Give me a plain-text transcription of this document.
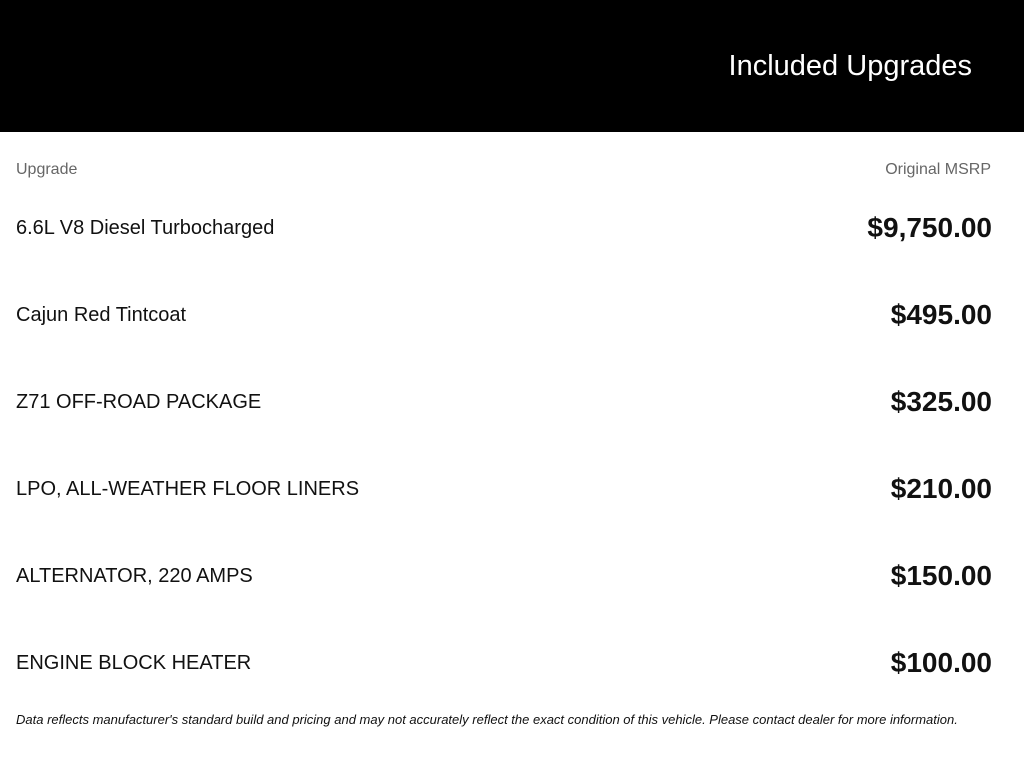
Included Upgrades
Upgrade	Original MSRP
6.6L V8 Diesel Turbocharged	$9,750.00
Cajun Red Tintcoat	$495.00
Z71 OFF-ROAD PACKAGE	$325.00
LPO, ALL-WEATHER FLOOR LINERS	$210.00
ALTERNATOR, 220 AMPS	$150.00
ENGINE BLOCK HEATER	$100.00
Data reflects manufacturer's standard build and pricing and may not accurately reflect the exact condition of this vehicle. Please contact dealer for more information.
